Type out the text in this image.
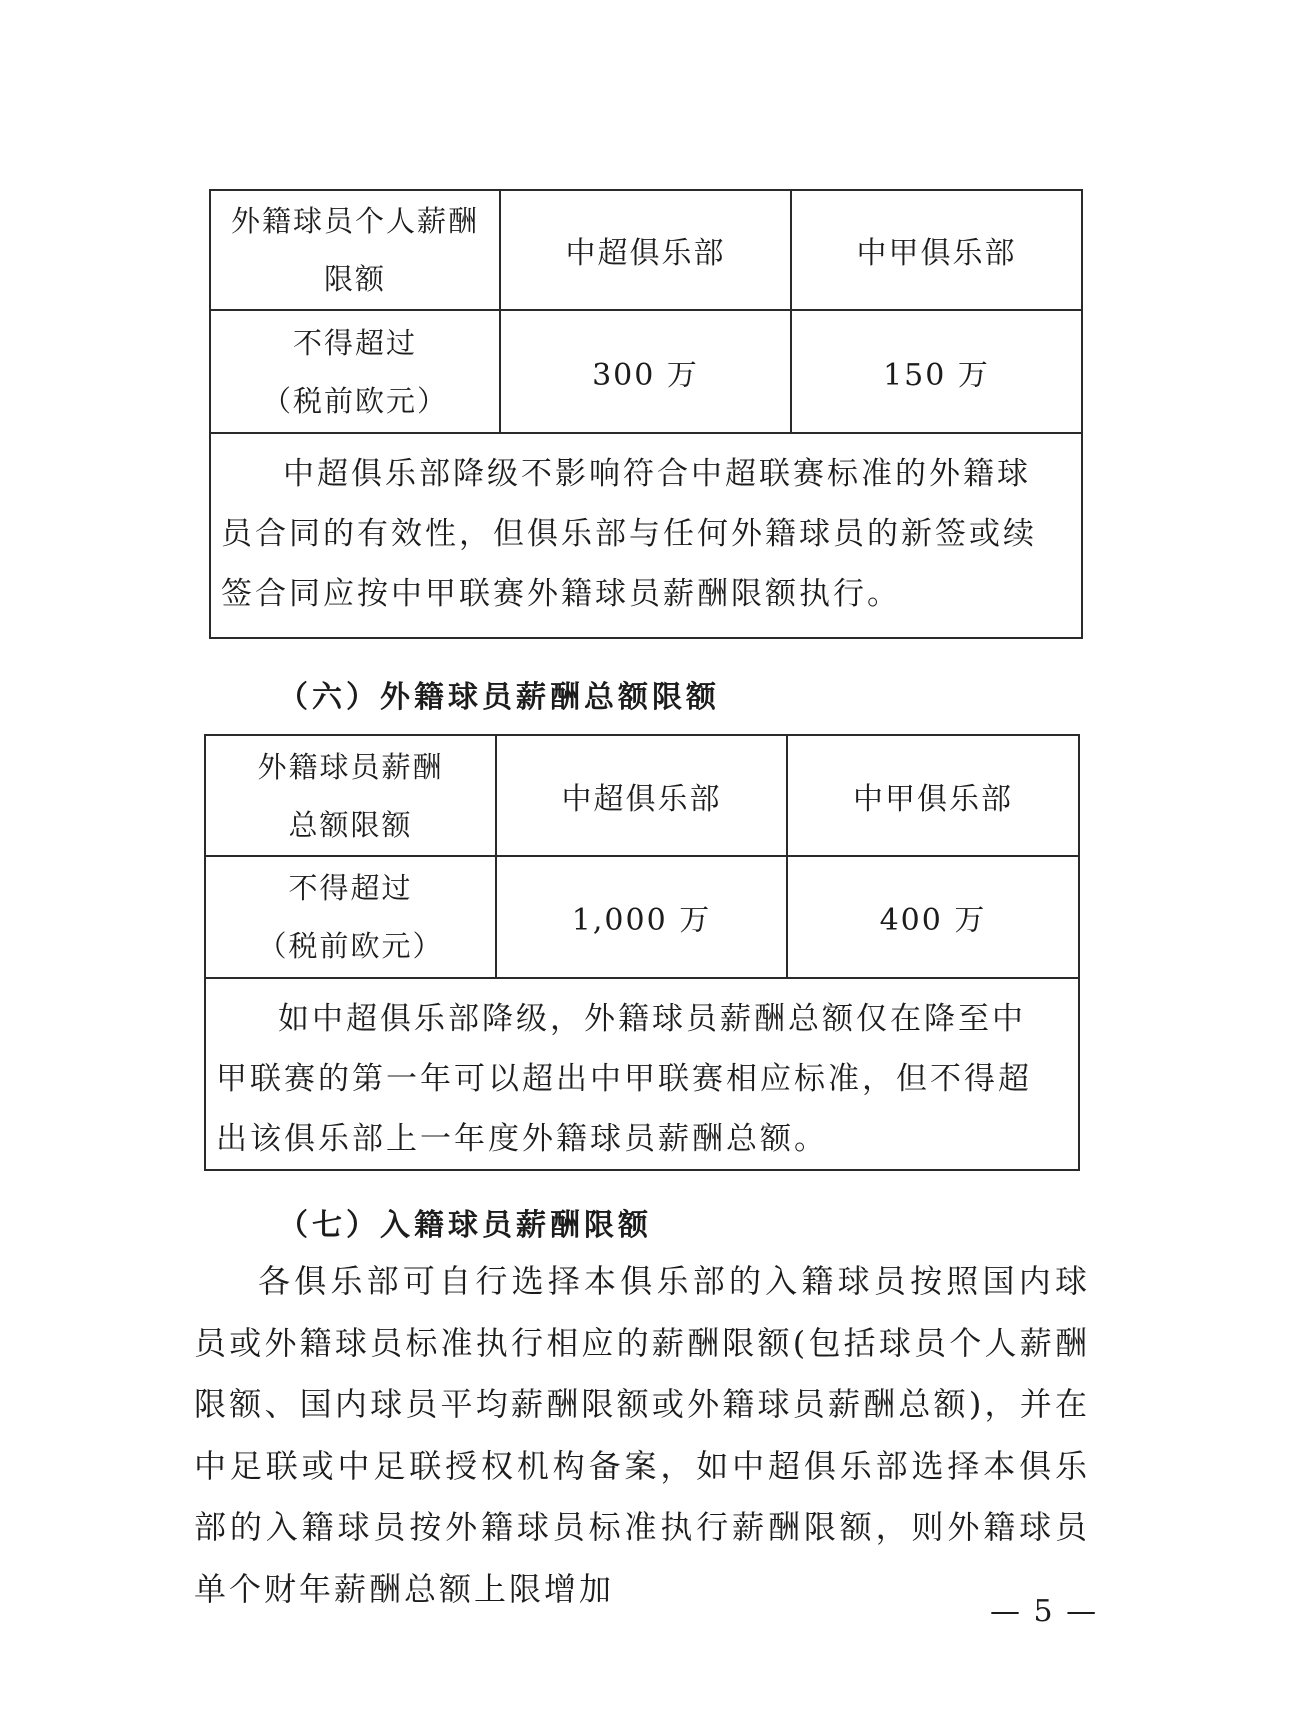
外籍球员个人薪酬限额	中超俱乐部	中甲俱乐部

不得超过
（税前欧元）	300 万	150 万
中超俱乐部降级不影响符合中超联赛标准的外籍球员合同的有效性，但俱乐部与任何外籍球员的新签或续签合同应按中甲联赛外籍球员薪酬限额执行。		

（六）外籍球员薪酬总额限额

外籍球员薪酬
总额限额	中超俱乐部	中甲俱乐部

不得超过
（税前欧元）	1,000 万	400 万
如中超俱乐部降级，外籍球员薪酬总额仅在降至中甲联赛的第一年可以超出中甲联赛相应标准，但不得超出该俱乐部上一年度外籍球员薪酬总额。		

（七）入籍球员薪酬限额

各俱乐部可自行选择本俱乐部的入籍球员按照国内球员或外籍球员标准执行相应的薪酬限额(包括球员个人薪酬限额、国内球员平均薪酬限额或外籍球员薪酬总额)，并在中足联或中足联授权机构备案，如中超俱乐部选择本俱乐部的入籍球员按外籍球员标准执行薪酬限额，则外籍球员单个财年薪酬总额上限增加

— 5 —
